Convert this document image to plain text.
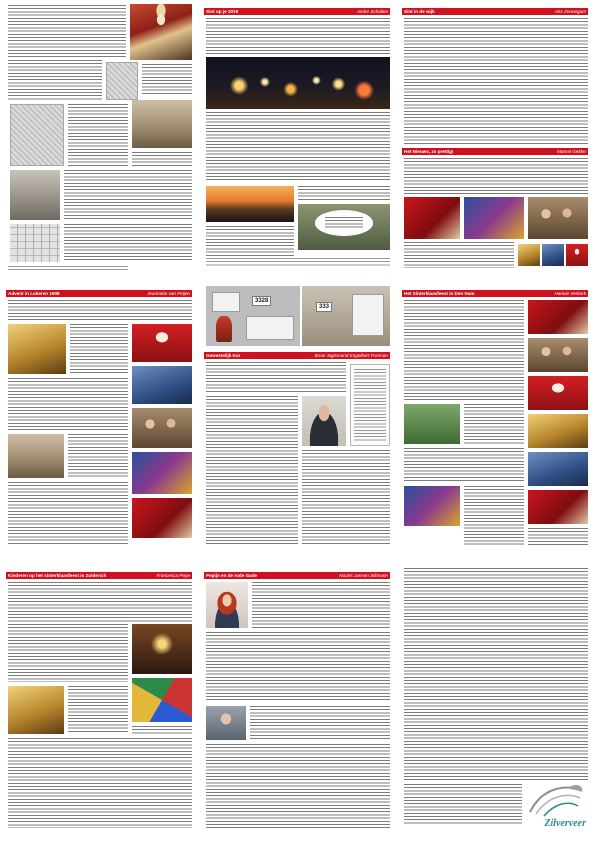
Sint op je 2019	Andre Schallen	Sint in de wijk	Ans Zonnegum
Het Nieuws, zo prettig!	Marcel Gelder
Advent in Lokeren 1908	Jeannette van Peijen
3328
333
Gewestelijk Kor	Broer Sigismund Engelbert Frerman
Het Sinterklaasfeest in Den Ham	Hannie Verkerk
Kinderen op het sinterklaasfeest in Zolderich	Francesca Pepe	Pepijn en de rode Gade	Noorts Jansen Siltmann
Zilverveer
